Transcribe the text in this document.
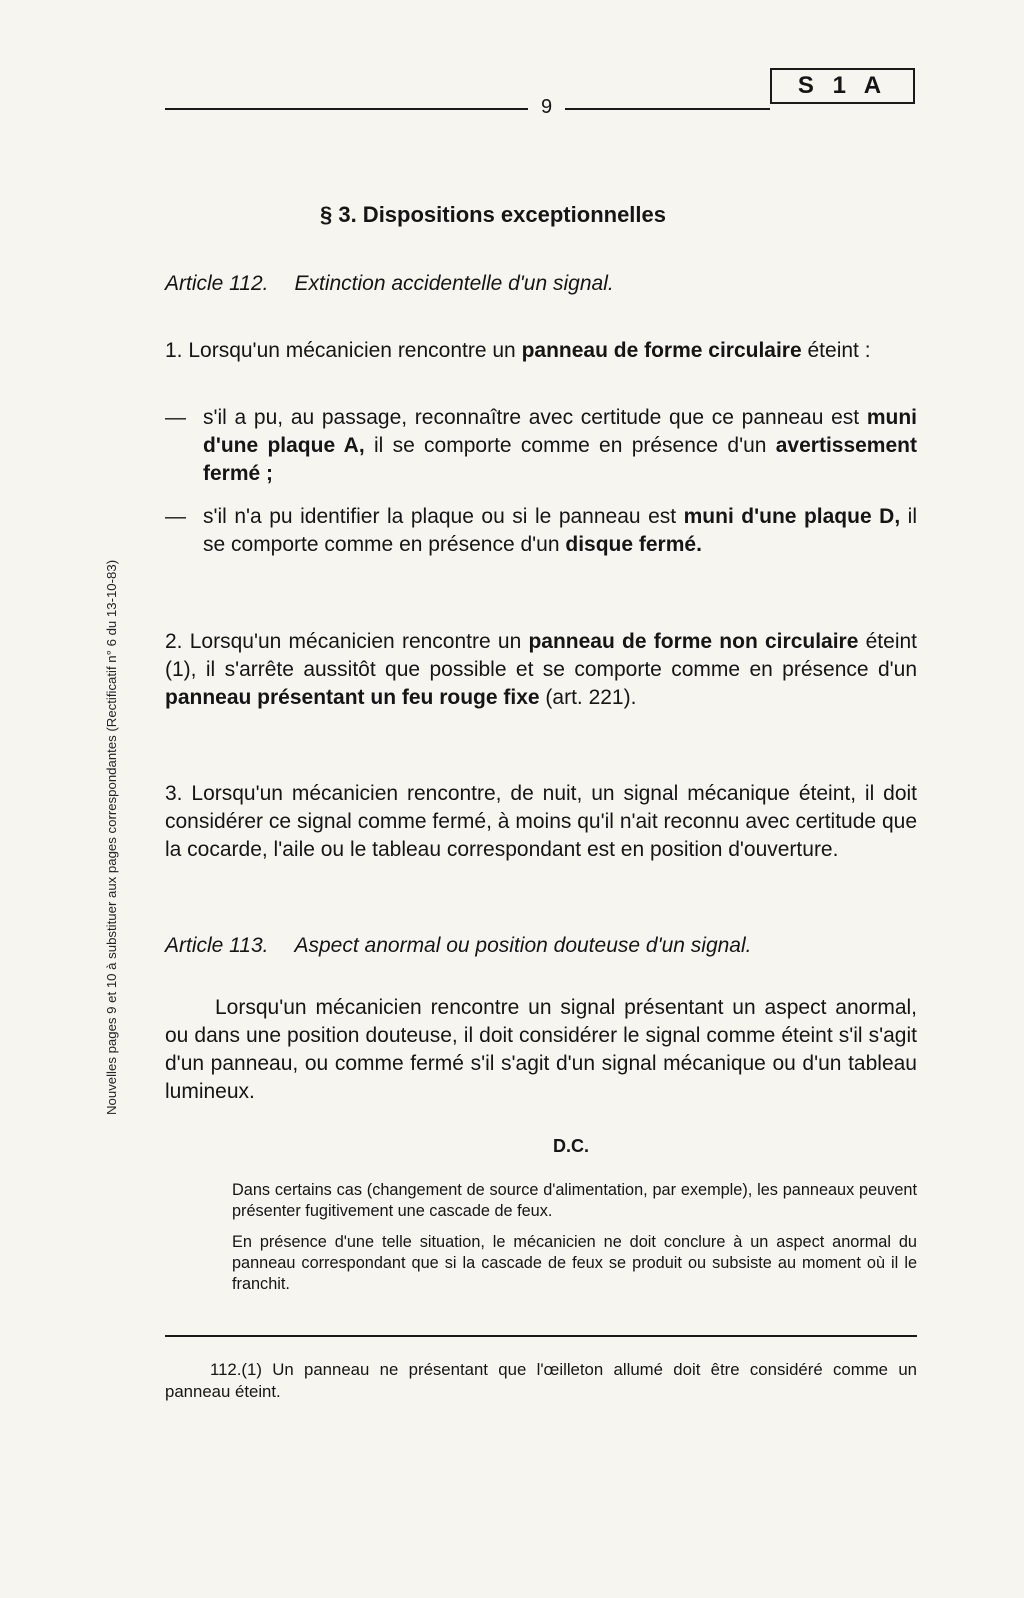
9
S 1 A
Nouvelles pages 9 et 10 à substituer aux pages correspondantes (Rectificatif n° 6 du 13-10-83)
§ 3. Dispositions exceptionnelles
Article 112. Extinction accidentelle d'un signal.
1. Lorsqu'un mécanicien rencontre un panneau de forme circulaire éteint :
— s'il a pu, au passage, reconnaître avec certitude que ce panneau est muni d'une plaque A, il se comporte comme en présence d'un avertissement fermé ;
— s'il n'a pu identifier la plaque ou si le panneau est muni d'une plaque D, il se comporte comme en présence d'un disque fermé.
2. Lorsqu'un mécanicien rencontre un panneau de forme non circulaire éteint (1), il s'arrête aussitôt que possible et se comporte comme en présence d'un panneau présentant un feu rouge fixe (art. 221).
3. Lorsqu'un mécanicien rencontre, de nuit, un signal mécanique éteint, il doit considérer ce signal comme fermé, à moins qu'il n'ait reconnu avec certitude que la cocarde, l'aile ou le tableau correspondant est en position d'ouverture.
Article 113. Aspect anormal ou position douteuse d'un signal.
Lorsqu'un mécanicien rencontre un signal présentant un aspect anormal, ou dans une position douteuse, il doit considérer le signal comme éteint s'il s'agit d'un panneau, ou comme fermé s'il s'agit d'un signal mécanique ou d'un tableau lumineux.
D.C.
Dans certains cas (changement de source d'alimentation, par exemple), les panneaux peuvent présenter fugitivement une cascade de feux.
En présence d'une telle situation, le mécanicien ne doit conclure à un aspect anormal du panneau correspondant que si la cascade de feux se produit ou subsiste au moment où il le franchit.
112.(1) Un panneau ne présentant que l'œilleton allumé doit être considéré comme un panneau éteint.
